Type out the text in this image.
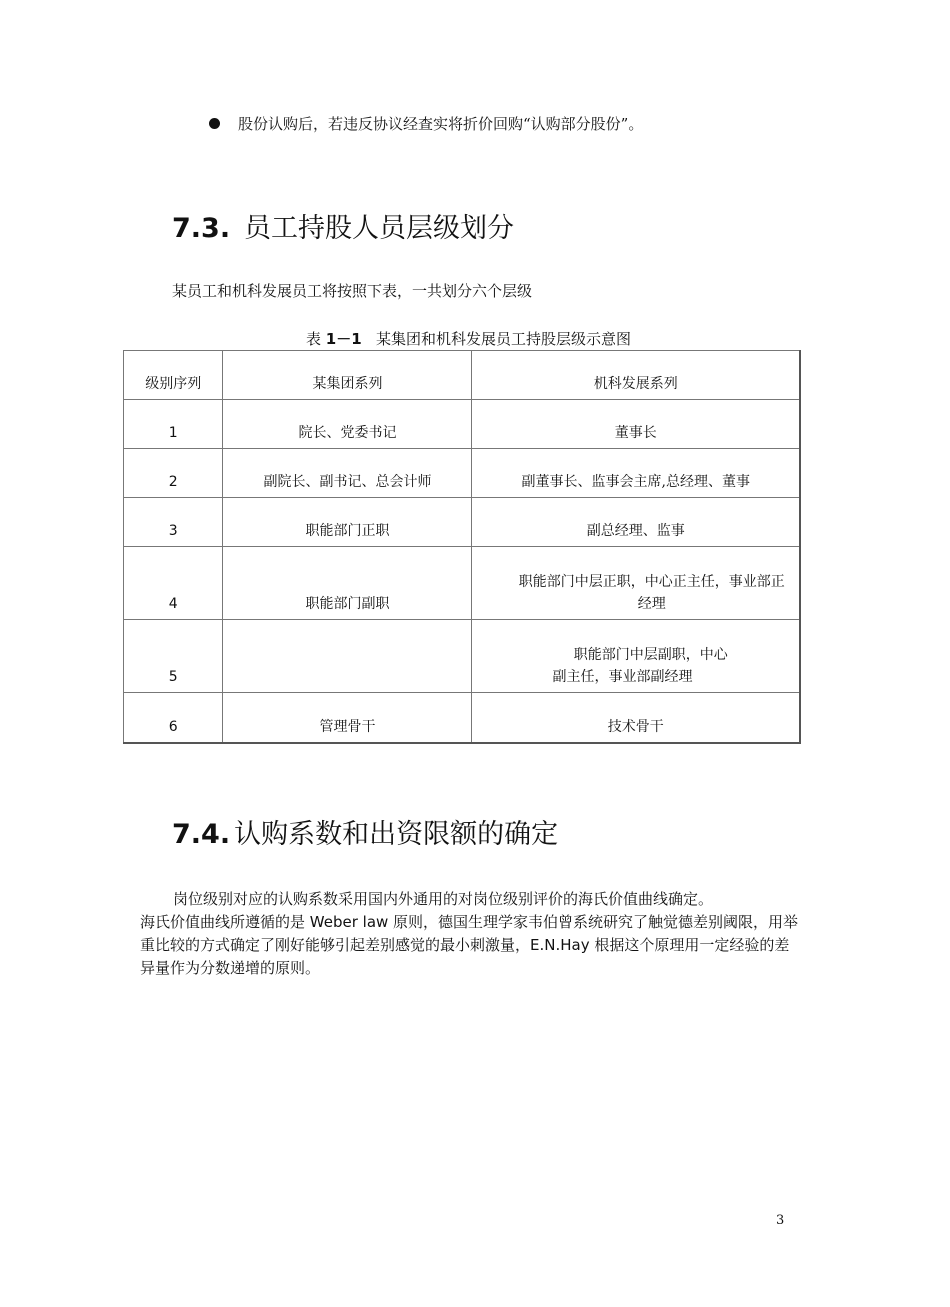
股份认购后，若违反协议经查实将折价回购“认购部分股份”。
7.3. 员工持股人员层级划分
某员工和机科发展员工将按照下表，一共划分六个层级
表 1－1 某集团和机科发展员工持股层级示意图
级别序列	某集团系列	机科发展系列
1	院长、党委书记	董事长
2	副院长、副书记、总会计师	副董事长、监事会主席,总经理、董事
3	职能部门正职	副总经理、监事
4	职能部门副职	职能部门中层正职，中心正主任，事业部正经理
5		职能部门中层副职，中心
副主任，事业部副经理

6	管理骨干	技术骨干
7.4. 认购系数和出资限额的确定

岗位级别对应的认购系数采用国内外通用的对岗位级别评价的海氏价值曲线确定。

海氏价值曲线所遵循的是 Weber law 原则，德国生理学家韦伯曾系统研究了触觉德差别阈限，用举重比较的方式确定了刚好能够引起差别感觉的最小刺激量，E.N.Hay 根据这个原理用一定经验的差异量作为分数递增的原则。

3
